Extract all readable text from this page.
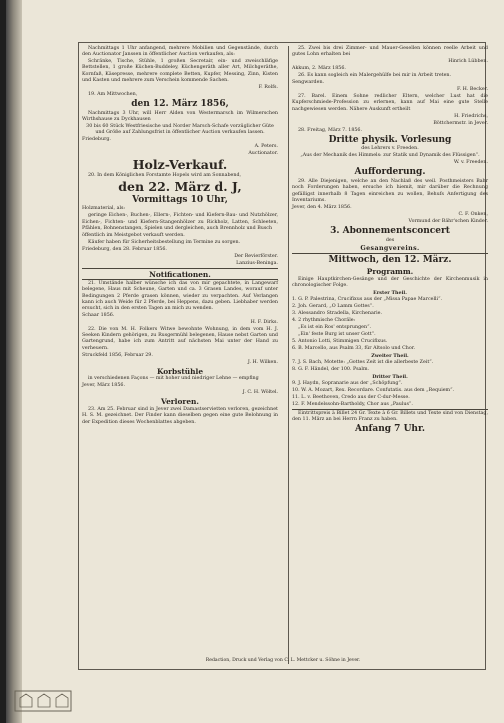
Nachmittags 1 Uhr anfangend, mehrere Mobilien und Gegenstände, durch den Auctionator Janssen in öffentlicher Auction verkaufen, als:

Schränke, Tische, Stühle, 1 großen Secretair, ein- und zweischläfige Bettstellen, 1 große Küchen-Buddeley, Küchengeräth aller Art, Milchgeräthe, Kornfaß, Käsepresse, mehrere complete Betten, Kupfer, Messing, Zinn, Kisten und Kasten und mehrere zum Verschein kommende Sachen.

F. Rolfs.

19. Am Mittwochen,

den 12. März 1856,

Nachmittags 3 Uhr, will Herr Alden von Westermarsch im Wilmerschen Wirthshause zu Dyckhausen

30 bis 60 Stück Westfriesische und Norder Marsch-Schafe vorzüglicher Güte und Größe auf Zahlungsfrist in öffentlicher Auction verkaufen lassen.

Friedeburg.

A. Peters.

Auctionator.

Holz-Verkauf.

20. In dem Königlichen Forstamte Hopels wird am Sonnabend,

den 22. März d. J,

Vormittags 10 Uhr,

Holzmaterial, als:

geringe Eichen-, Buchen-, Ellern-, Fichten- und Kiefern-Bau- und Nutzhölzer, Eichen-, Fichten- und Kiefern-Stangenhölzer zu Rickholz, Latten, Schleeten, Pfählen, Bohnenstangen, Spielen und dergleichen, auch Brennholz und Busch

öffentlich im Meistgebot verkauft werden.

Käufer haben für Sicherheitsbestellung im Termine zu sorgen.

Friedeburg, den 28. Februar 1856.

Der Revierförster.

Lanzius-Beninga.

Notificationen.

21. Umstände halber wünsche ich das von mir gepachtete, in Langewarf belegene, Haus mit Scheune, Garten und ca. 3 Grasen Landes, worauf unter Bedingungen 2 Pferde grasen können, wieder zu verpachten. Auf Verlangen kann ich auch Weide für 2 Pferde, bei Heppens, dazu geben. Liebhaber werden ersucht, sich in den ersten Tagen an mich zu wenden.

Schaar 1856.

H. F. Dirks.

22. Die von M. H. Folkers Witwe bewohnte Wohnung, in dem vom H. J. Seeken Kindern gehörigen, zu Rusgermühl belegenen, Hause nebst Garten und Gartengrund, habe ich zum Antritt auf nächsten Mai unter der Hand zu verheuern.

Struckfeld 1856, Februar 29.

J. H. Wilken.

Korbstühle

in verschiedenen Façons — mit hoher und niedriger Lehne — empfing

Jever, März 1856.

J. C. H. Wöltel.

Verloren.

23. Am 25. Februar sind in Jever zwei Damastservietten verloren, gezeichnet H. S. M. gezeichnet. Der Finder kann dieselben gegen eine gute Belohnung in der Expedition dieses Wochenblattes abgeben.

25. Zwei bis drei Zimmer- und Mauer-Gesellen können reelle Arbeit und gutes Lohn erhalten bei

Hinrich Lübben.

Akkum, 2. März 1856.

26. Es kann sogleich ein Malergehülfe bei mir in Arbeit treten.

Sengwarden.

F. H. Becker.

27. Barel. Einem Sohne redlicher Eltern, welcher Lust hat die Kupferschmiede-Profession zu erlernen, kann auf Mai eine gute Stelle nachgewiesen werden. Nähere Auskunft ertheilt

H. Friedrichs,

Böttchermstr. in Jever.

28. Freitag, März 7. 1856.

Dritte physik. Vorlesung

des Lehrers v. Freeden.

„Aus der Mechanik des Himmels: zur Statik und Dynamik des Flüssigen“.

W. v. Freeden.

Aufforderung.

29. Alle Diejenigen, welche an den Nachlaß des weil. Posthmeisters Bahr noch Forderungen haben, ersuche ich hiemit, mir darüber die Rechnung gefälligst innerhalb 8 Tagen einreichen zu wollen, Behufs Anfertigung des Inventariums.

Jever, den 4. März 1856.

C. F. Onken,

Vormund der Bähr'schen Kinder.

3. Abonnementsconcert

des

Gesangvereins.

Mittwoch, den 12. März.

Programm.

Einige Hauptkirchen-Gesänge und der Geschichte der Kirchenmusik in chronologischer Folge.

Erster Theil.

1. G. P. Palestrina, Crucifixus aus der „Missa Papae Marcelli“.

2. Joh. Gerard, „O Lamm Gottes“.

3. Alessandro Stradella, Kirchenarie.

4. 2 rhythmische Choräle:

„Es ist ein Ros' entsprungen“.

„Ein' feste Burg ist unser Gott“.

5. Antonio Lotti, Stimmigen Crucifixus.

6. B. Marcello, aus Psalm 33, für Altsolo und Chor.

Zweiter Theil.

7. J. S. Bach, Motette: „Gottes Zeit ist die allerbeste Zeit“.

8. G. F. Händel, der 100. Psalm.

Dritter Theil.

9. J. Haydn, Sopranarie aus der „Schöpfung“.

10. W. A. Mozart, Rex. Recordare. Confutatis. aus dem „Requiem“.

11. L. v. Beethoven, Credo aus der C-dur-Messe.

12. F. Mendelssohn-Bartholdy, Chor aus „Paulus“.

Eintrittspreis à Billet 24 Gr. Texte à 6 Gr. Billets und Texte sind von Dienstag, den 11. März an bei Herrn Franz zu haben.

Anfang 7 Uhr.

Redaction, Druck und Verlag von C. L. Mettcker u. Söhne in Jever.
